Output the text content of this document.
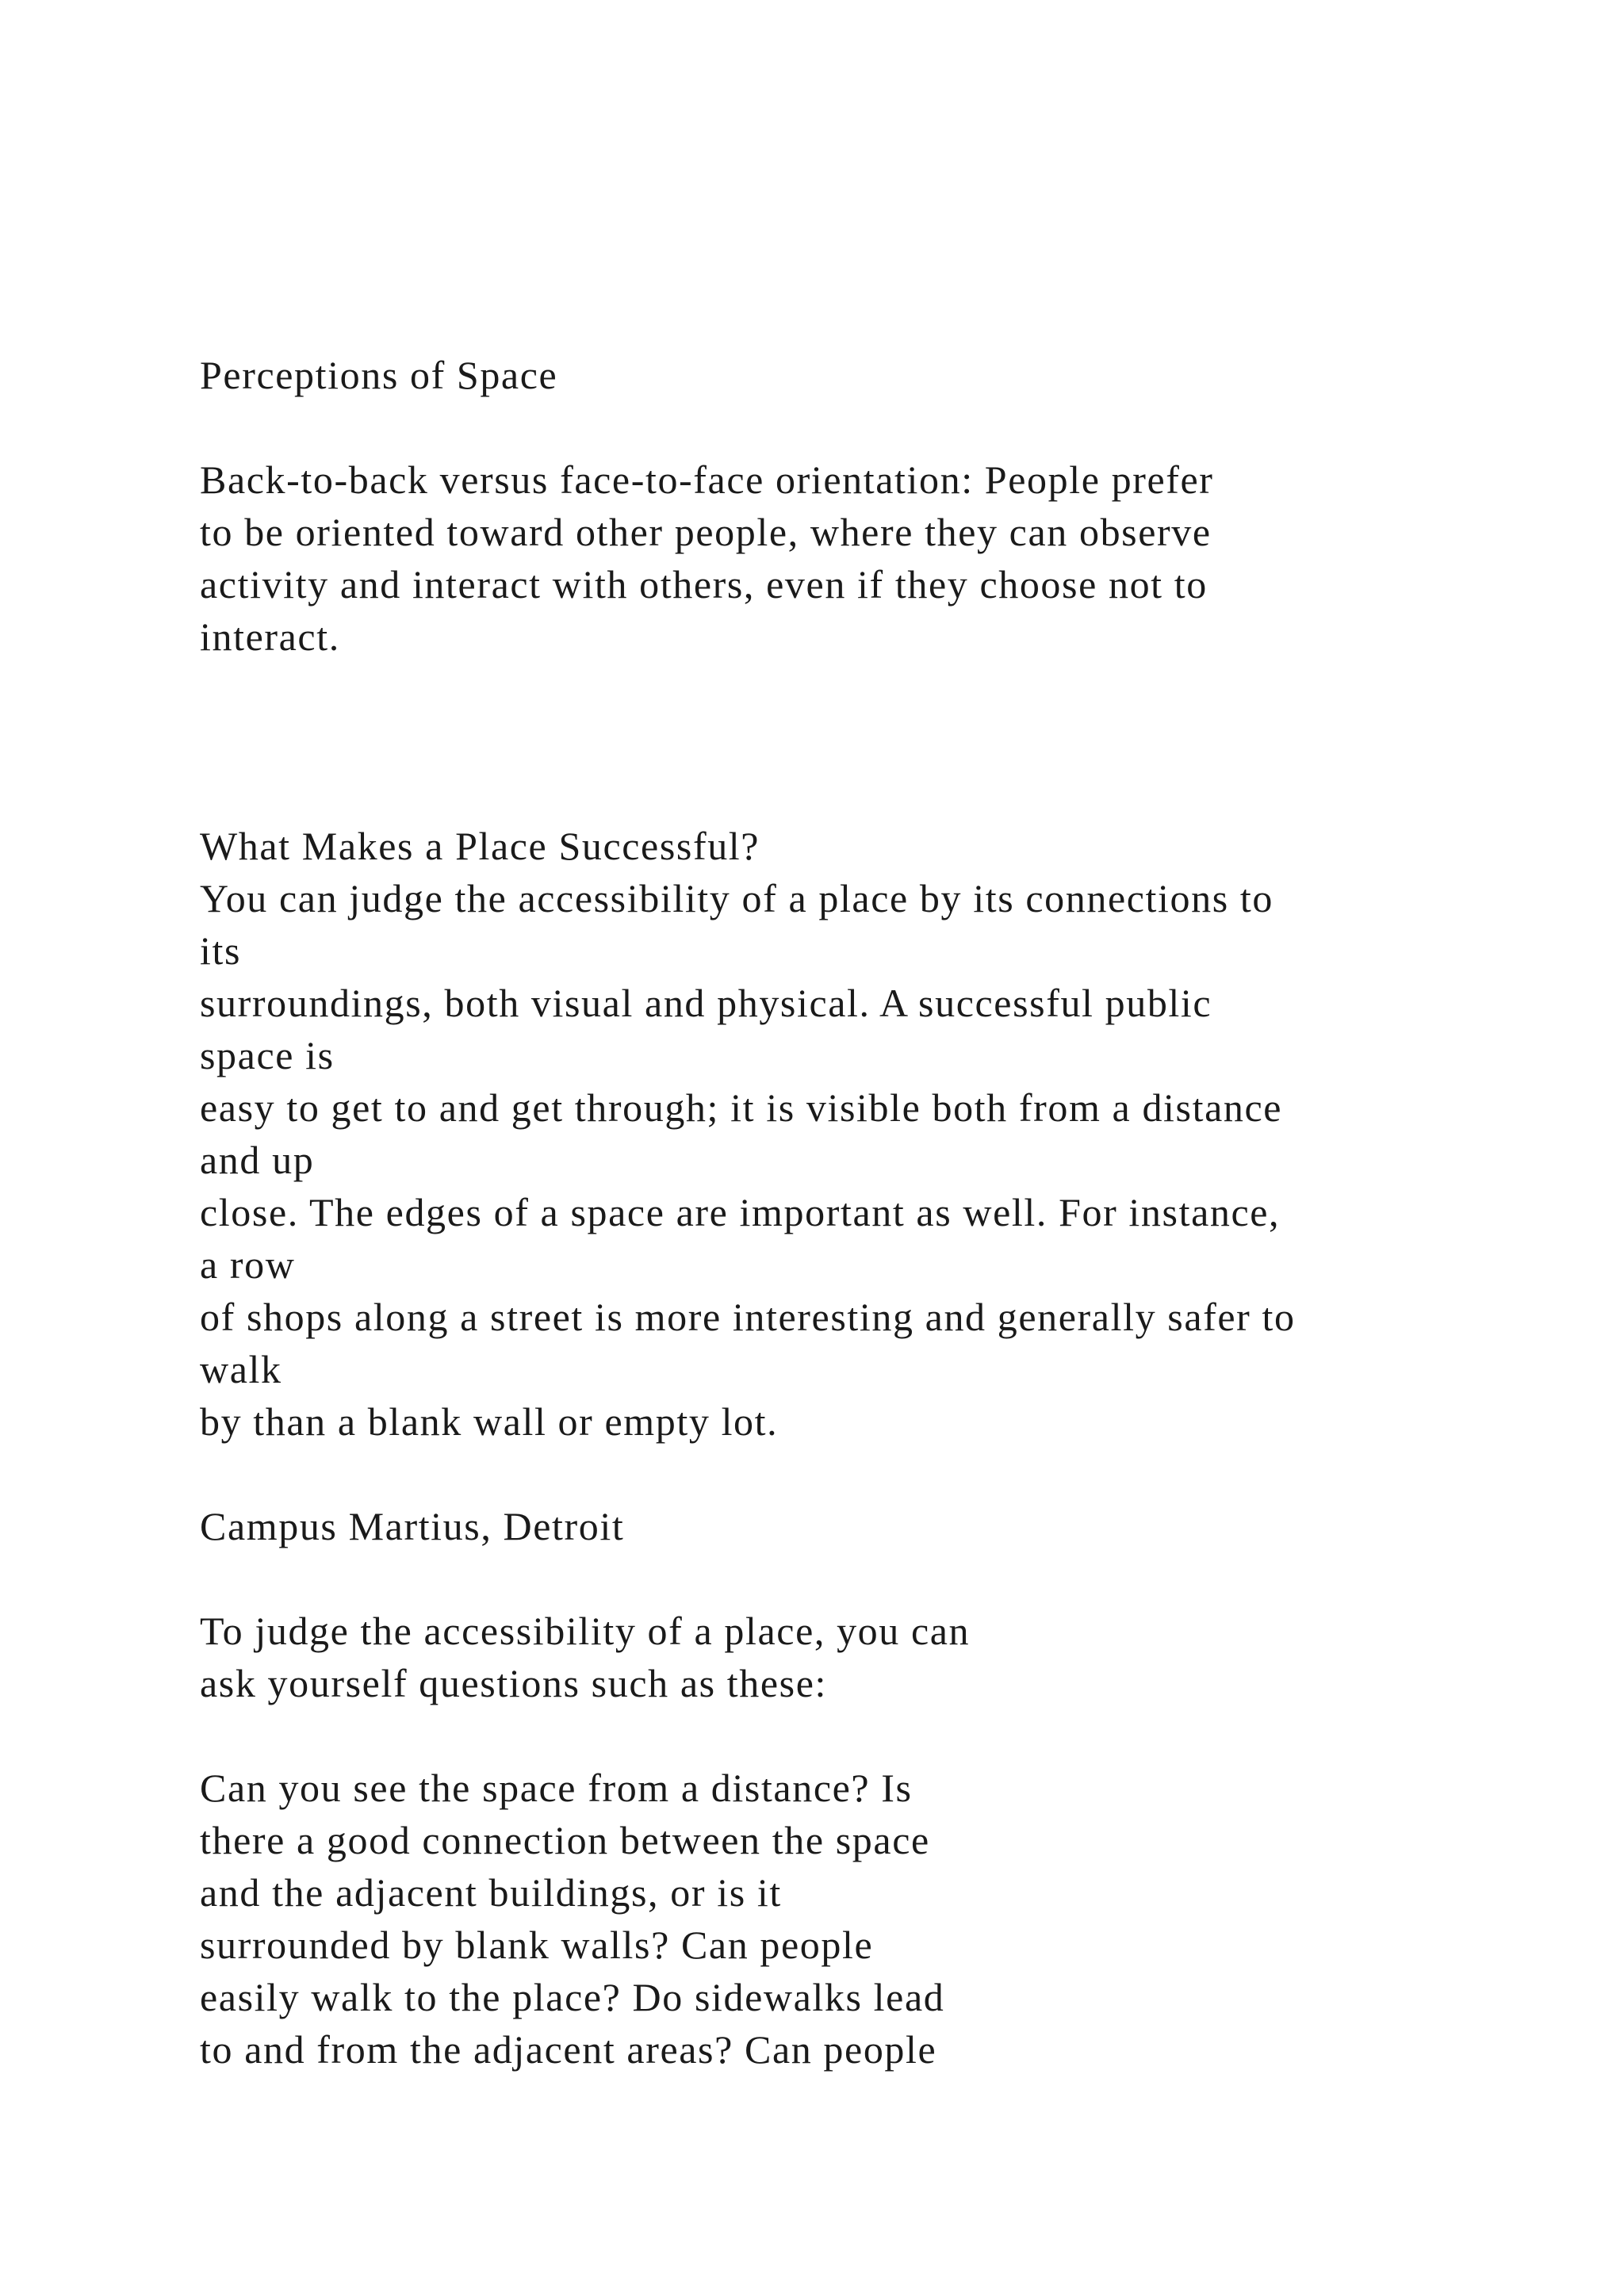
Perceptions of Space
Back-to-back versus face-to-face orientation: People prefer
to be oriented toward other people, where they can observe
activity and interact with others, even if they choose not to
interact.
What Makes a Place Successful?
You can judge the accessibility of a place by its connections to
its
surroundings, both visual and physical. A successful public
space is
easy to get to and get through; it is visible both from a distance
and up
close. The edges of a space are important as well. For instance,
a row
of shops along a street is more interesting and generally safer to
walk
by than a blank wall or empty lot.
Campus Martius, Detroit
To judge the accessibility of a place, you can
ask yourself questions such as these:
Can you see the space from a distance? Is
there a good connection between the space
and the adjacent buildings, or is it
surrounded by blank walls? Can people
easily walk to the place? Do sidewalks lead
to and from the adjacent areas? Can people
